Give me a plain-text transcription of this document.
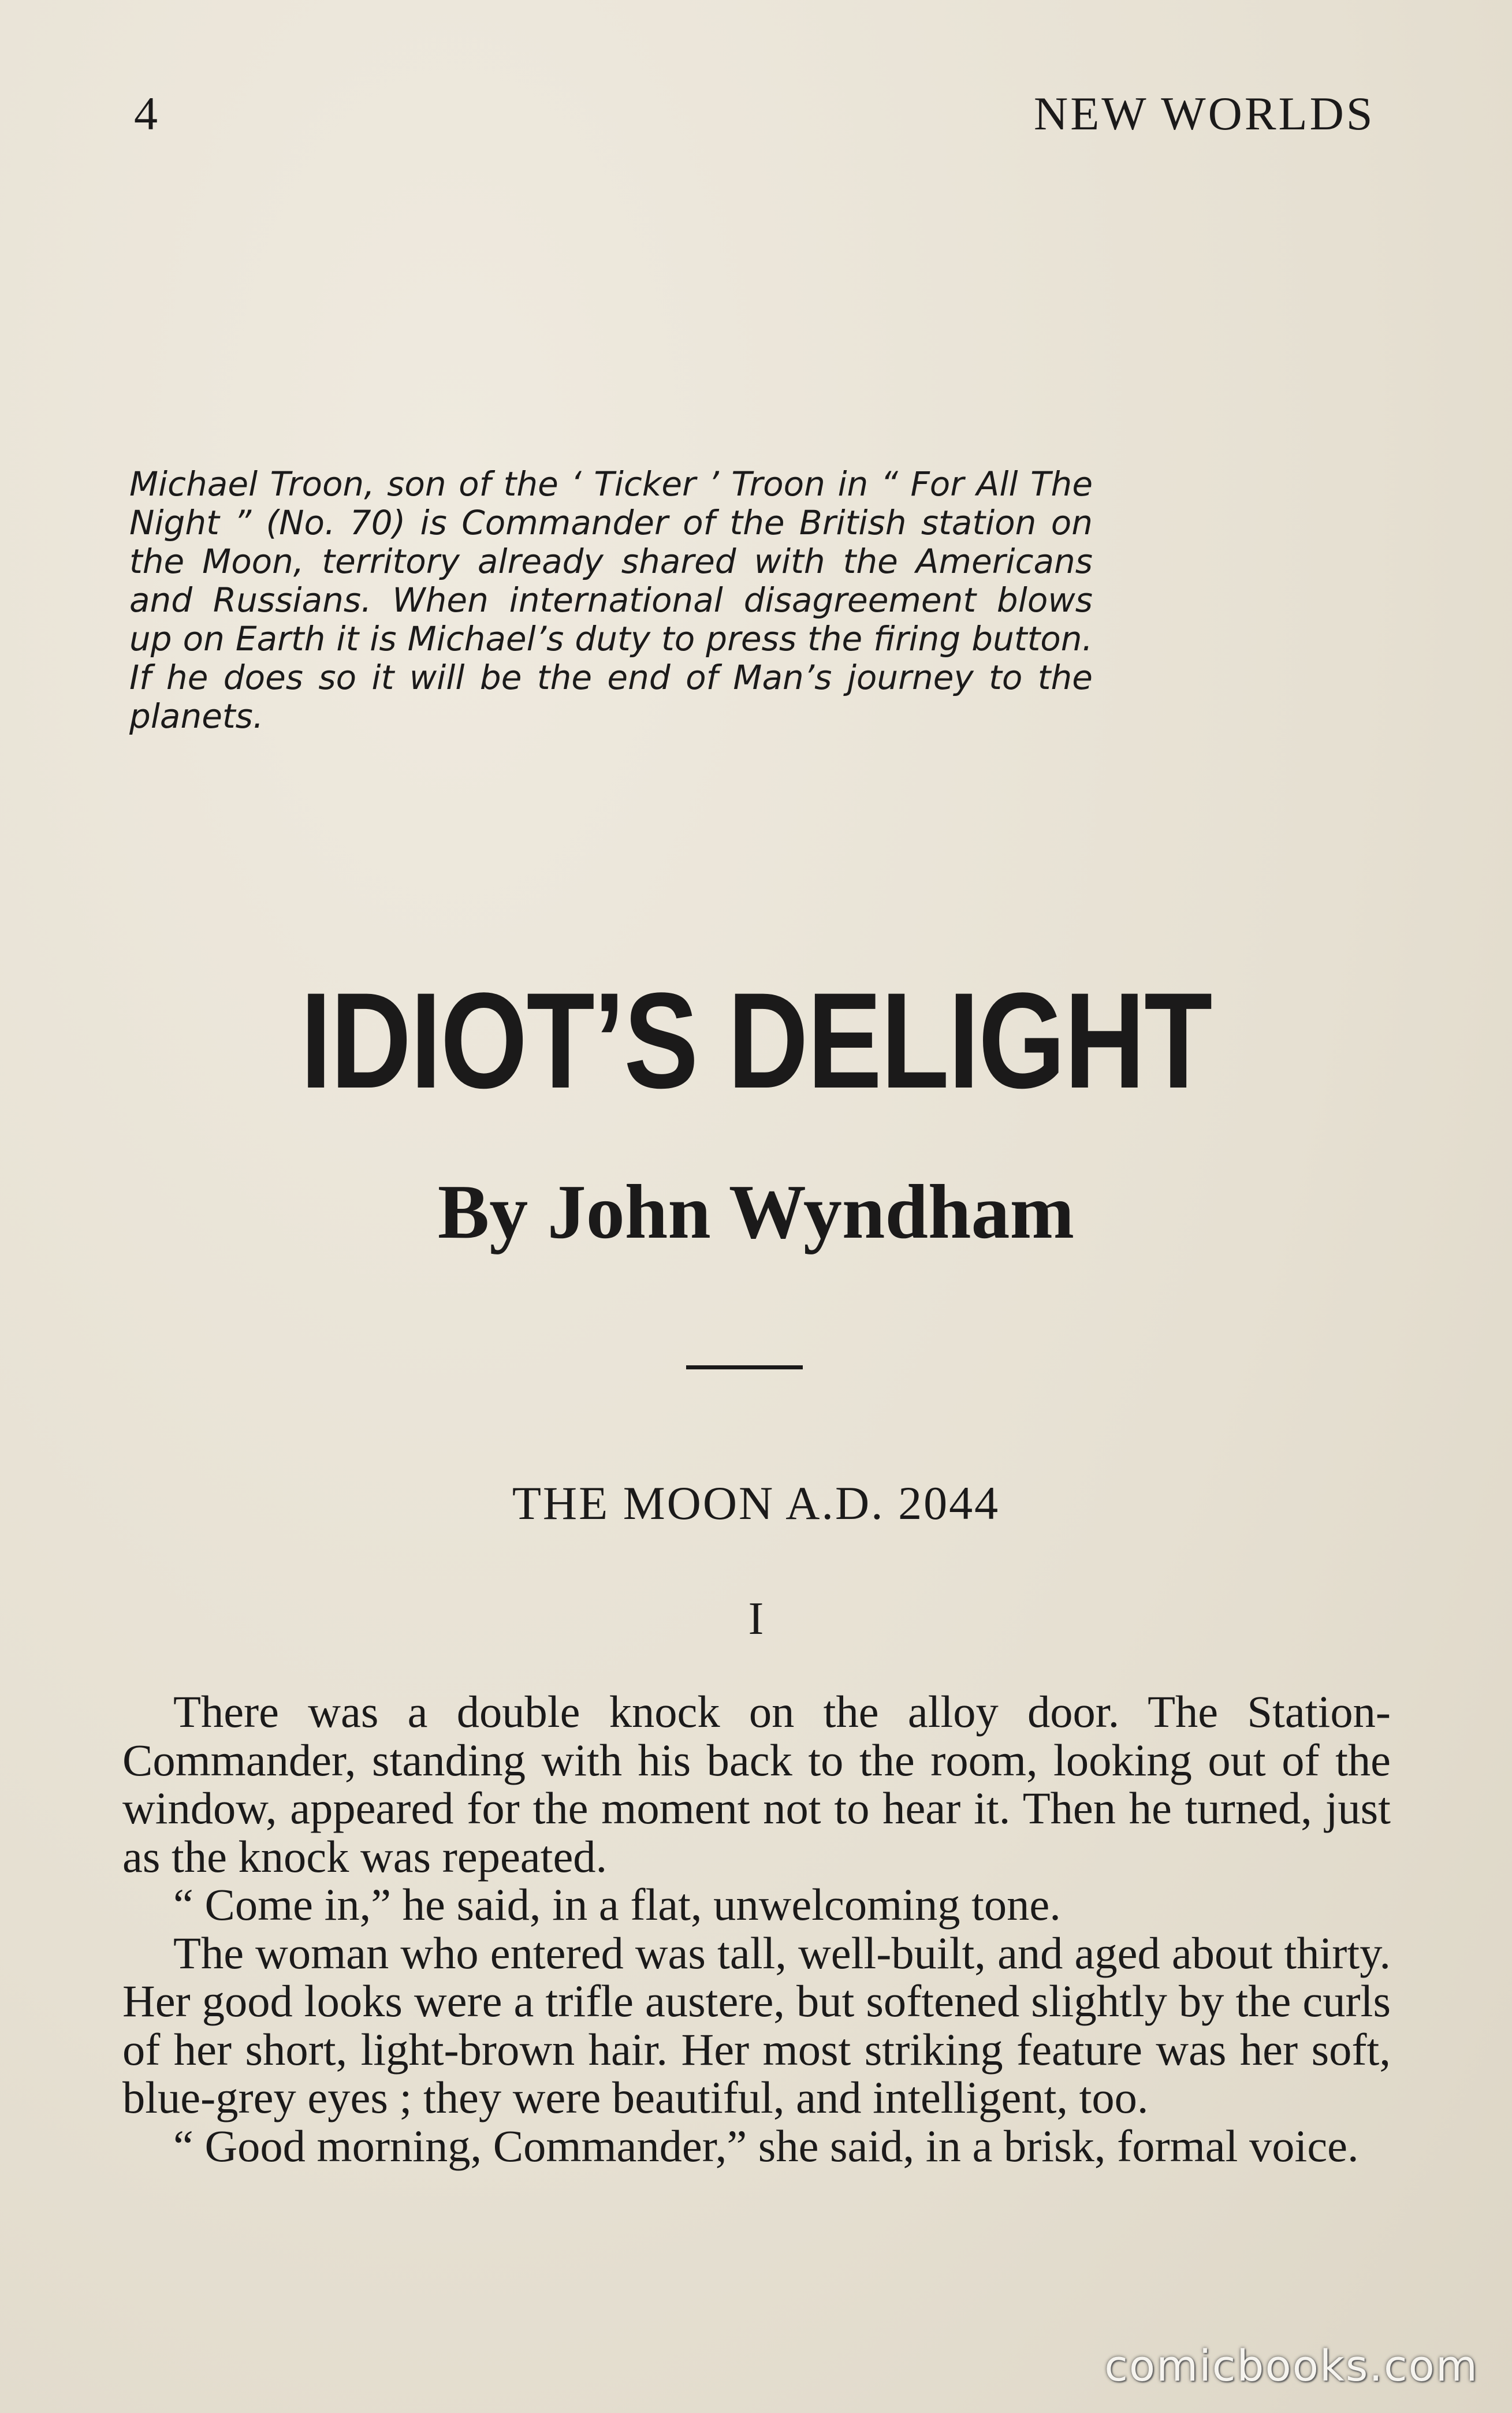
4	NEW WORLDS
Michael Troon, son of the ‘ Ticker ’ Troon in “ For All The Night ” (No. 70) is Commander of the British station on the Moon, territory already shared with the Americans and Russians. When international disagreement blows up on Earth it is Michael’s duty to press the firing button. If he does so it will be the end of Man’s journey to the planets.
IDIOT’S DELIGHT
By John Wyndham
THE MOON A.D. 2044
I

There was a double knock on the alloy door. The Station-Commander, standing with his back to the room, looking out of the window, appeared for the moment not to hear it. Then he turned, just as the knock was repeated.

“ Come in,” he said, in a flat, unwelcoming tone.

The woman who entered was tall, well-built, and aged about thirty. Her good looks were a trifle austere, but softened slightly by the curls of her short, light-brown hair. Her most striking feature was her soft, blue-grey eyes ; they were beautiful, and intelligent, too.

“ Good morning, Commander,” she said, in a brisk, formal voice.

comicbooks.com
